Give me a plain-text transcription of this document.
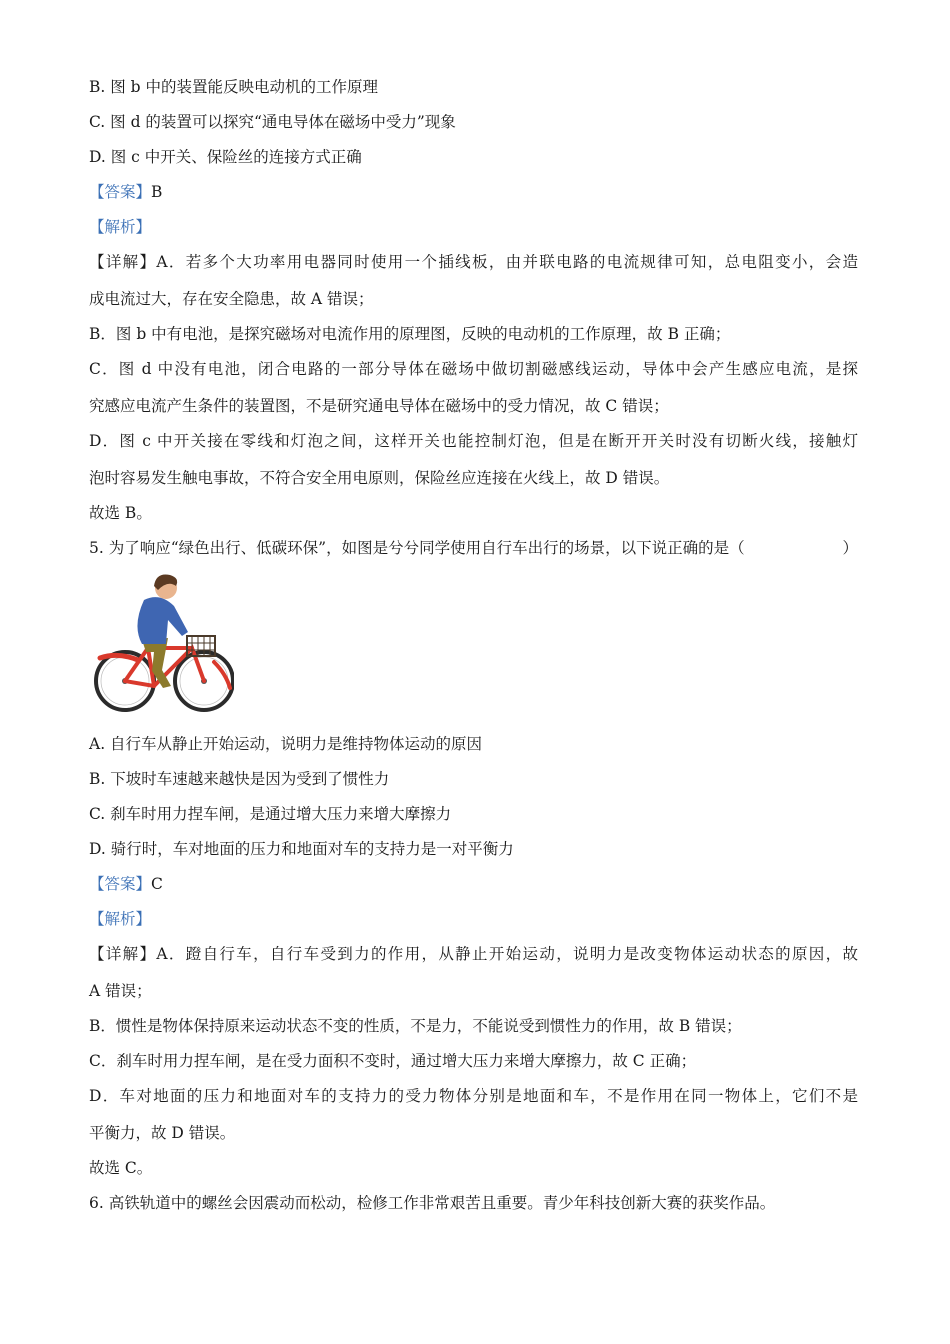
B. 图 b 中的装置能反映电动机的工作原理
C. 图 d 的装置可以探究“通电导体在磁场中受力”现象
D. 图 c 中开关、保险丝的连接方式正确
【答案】B
【解析】
【详解】A．若多个大功率用电器同时使用一个插线板，由并联电路的电流规律可知，总电阻变小，会造
成电流过大，存在安全隐患，故 A 错误；
B．图 b 中有电池，是探究磁场对电流作用的原理图，反映的电动机的工作原理，故 B 正确；
C．图 d 中没有电池，闭合电路的一部分导体在磁场中做切割磁感线运动，导体中会产生感应电流，是探
究感应电流产生条件的装置图，不是研究通电导体在磁场中的受力情况，故 C 错误；
D．图 c 中开关接在零线和灯泡之间，这样开关也能控制灯泡，但是在断开开关时没有切断火线，接触灯
泡时容易发生触电事故，不符合安全用电原则，保险丝应连接在火线上，故 D 错误。
故选 B。
5. 为了响应“绿色出行、低碳环保”，如图是兮兮同学使用自行车出行的场景，以下说正确的是（	）
A. 自行车从静止开始运动，说明力是维持物体运动的原因
B. 下坡时车速越来越快是因为受到了惯性力
C. 刹车时用力捏车闸，是通过增大压力来增大摩擦力
D. 骑行时，车对地面的压力和地面对车的支持力是一对平衡力
【答案】C
【解析】
【详解】A．蹬自行车，自行车受到力的作用，从静止开始运动，说明力是改变物体运动状态的原因，故
A 错误；
B．惯性是物体保持原来运动状态不变的性质，不是力，不能说受到惯性力的作用，故 B 错误；
C．刹车时用力捏车闸，是在受力面积不变时，通过增大压力来增大摩擦力，故 C 正确；
D．车对地面的压力和地面对车的支持力的受力物体分别是地面和车，不是作用在同一物体上，它们不是
平衡力，故 D 错误。
故选 C。
6. 高铁轨道中的螺丝会因震动而松动，检修工作非常艰苦且重要。青少年科技创新大赛的获奖作品。
